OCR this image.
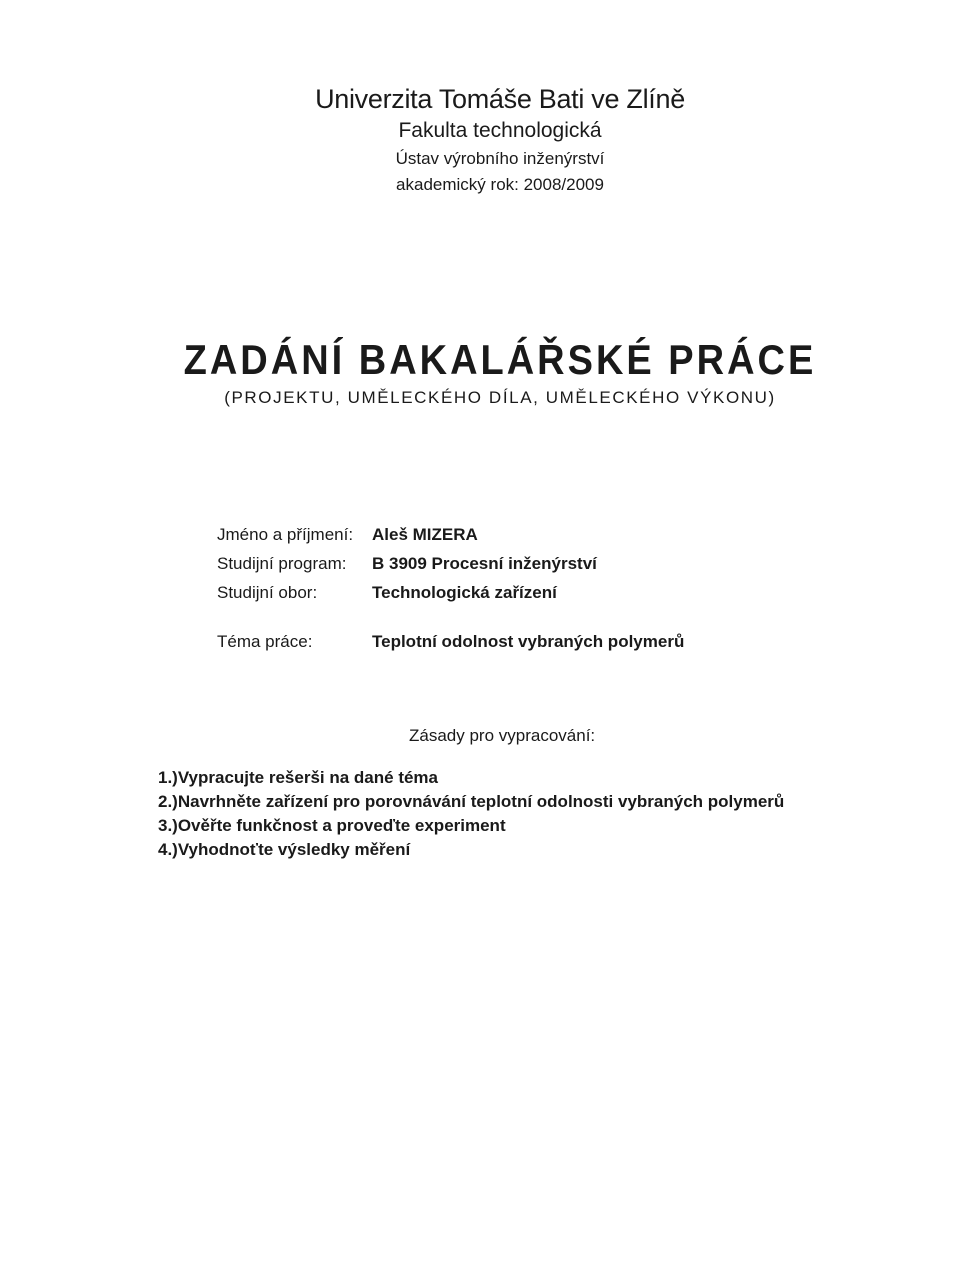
Univerzita Tomáše Bati ve Zlíně
Fakulta technologická
Ústav výrobního inženýrství
akademický rok: 2008/2009
ZADÁNÍ BAKALÁŘSKÉ PRÁCE
(PROJEKTU, UMĚLECKÉHO DÍLA, UMĚLECKÉHO VÝKONU)
Jméno a příjmení: Aleš MIZERA
Studijní program: B 3909 Procesní inženýrství
Studijní obor:	Technologická zařízení
Téma práce:	Teplotní odolnost vybraných polymerů
Zásady pro vypracování:
1.)Vypracujte rešerši na dané téma
2.)Navrhněte zařízení pro porovnávání teplotní odolnosti vybraných polymerů
3.)Ověřte funkčnost a proveďte experiment
4.)Vyhodnoťte výsledky měření
